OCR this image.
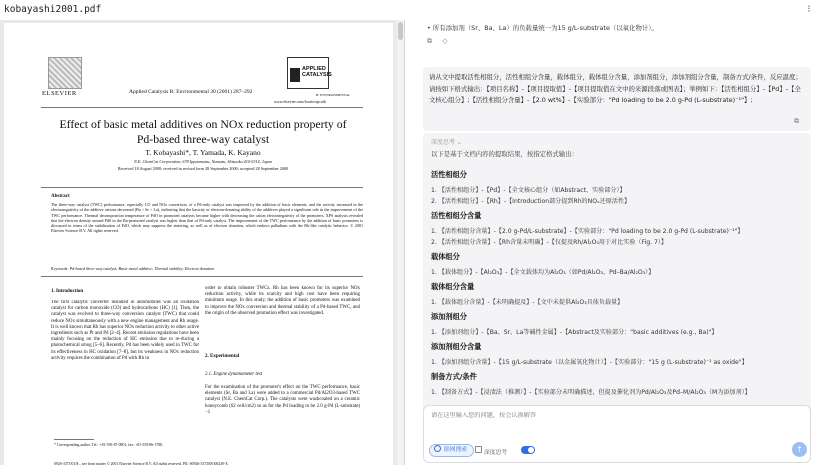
kobayashi2001.pdf	⁝
ELSEVIER	Applied Catalysis B: Environmental 30 (2001) 287–292
APPLIED CATALYSIS
B: ENVIRONMENTAL
www.elsevier.com/locate/apcatb
Effect of basic metal additives on NOx reduction property of
Pd-based three-way catalyst
T. Kobayashi*, T. Yamada, K. Kayano
N.E. ChemCat Corporation, 678 Ipponmatsu, Numazu, Shizuoka 410-0314, Japan
Received 18 August 2000; received in revised form 28 September 2000; accepted 28 September 2000
Abstract
The three-way catalyst (TWC) performance, especially CO and NOx conversion, of a Pd-only catalyst was improved by the addition of basic elements, and the activity increased in the electronegativity of the additive cations decreased (Ba > Sr > La), indicating that the basicity or electron-donating ability of the additives played a significant role in the improvement of the TWC performance. Thermal decomposition temperature of PdO in promoted catalysts became higher with decreasing the cation electronegativity of the promoters. XPS analysis revealed that the electron density around Pd0 in the Ba-promoted catalyst was higher than that of Pd-only catalyst. The improvement of the TWC performance by the addition of basic promoters is discussed in terms of the stabilization of PdO, which may suppress the sintering, as well as of electron donation, which endows palladium with the Rh-like catalytic behavior. © 2001 Elsevier Science B.V. All rights reserved.
Keywords: Pd-based three-way catalyst; Basic metal additive; Thermal stability; Electron donation
1. Introduction
The first catalytic converter installed in automobiles was an oxidation catalyst for carbon monoxide (CO) and hydrocarbons (HC) [1]. Then, the catalyst was evolved to three-way conversion catalyst (TWC) that could reduce NOx simultaneously with a new engine management and Rh usage. It is well known that Rh has superior NOx reduction activity to other active ingredients such as Pt and Pd [2–4]. Recent emission regulations have been mainly focusing on the reduction of HC emission due to re-ducing a photochemical smog [5–6]. Recently, Pd has been widely used in TWC for its effectiveness in HC oxidation [7–8], but its weakness in NOx reduction activity requires the combination of Pd with Rh in
order to obtain robuster TWCs. Rh has been known for its superior NOx reduction activity, while its scarcity and high cost have been requiring minimum usage. In this study, the addition of basic promoters was examined to improve the NOx conversion and thermal stability of a Pd-based TWC, and the origin of the observed promotion effect was investigated.
2. Experimental
2.1. Engine dynamometer test
For the examination of the promoter's effect on the TWC performance, basic elements (Sr, Ba and La) were added to a commercial Pd/Al2O3-based TWC catalyst (N.E. ChemCat Corp.). The catalysts were washcoated on a ceramic honeycomb (62 cell/cm2) so as for the Pd loading to be 2.0 g-Pd (L-substrate)−1
* Corresponding author. Tel.: +81-559-87-0801; fax: +81-559-86-1788.
0926-3373/01/$ – see front matter © 2001 Elsevier Science B.V. All rights reserved. PII: S0926-3373(00)00249-X
• 所有添加剂（Sr、Ba、La）的负载量统一为15 g/L-substrate（以氧化物计）。
⧉ ◇
请从文中提取活性相组分，活性相组分含量，载体组分，载体组分含量，添加剂组分，添加剂组分含量，制备方式/条件，反应温度；请按如下格式输出：【项目名称】-【项目提取值】-【项目提取值在文中的来源段落或图表】；举例如下：【活性相组分】-【Pd】-【全文核心组分】;【活性相组分含量】-【2.0 wt%】-【实验部分："Pd loading to be 2.0 g-Pd (L-substrate)⁻¹"】;
⧉
深度思考 ⌄
以下是基于文档内容的提取结果，按指定格式输出：
活性相组分
1. 【活性相组分】-【Pd】-【全文核心组分（如Abstract、实验部分）】
2. 【活性相组分】-【Rh】-【Introduction部分提到Rh的NOₓ还原活性】
活性相组分含量
1. 【活性相组分含量】-【2.0 g-Pd/L-substrate】-【实验部分："Pd loading to be 2.0 g-Pd (L-substrate)⁻¹"】
2. 【活性相组分含量】-【Rh含量未明确】-【仅提及Rh/Al₂O₃用于对比实验（Fig. 7）】
载体组分
1. 【载体组分】-【Al₂O₃】-【全文载体均为Al₂O₃（如Pd/Al₂O₃、Pd–Ba/Al₂O₃）】
载体组分含量
1. 【载体组分含量】-【未明确提及】-【文中未提供Al₂O₃具体负载量】
添加剂组分
1. 【添加剂组分】-【Ba、Sr、La等碱性金属】-【Abstract及实验部分："basic additives (e.g., Ba)"】
添加剂组分含量
1. 【添加剂组分含量】-【15 g/L-substrate（以金属氧化物计）】-【实验部分："15 g (L-substrate)⁻¹ as oxide"】
制备方式/条件
1. 【制备方式】-【浸渍法（推测）】-【实验部分未明确描述，但提及催化剂为Pd/Al₂O₃及Pd–M/Al₂O₃（M为添加剂）】
请在这里输入您的问题，按会认换解答
联网搜索	深度思考	↑
